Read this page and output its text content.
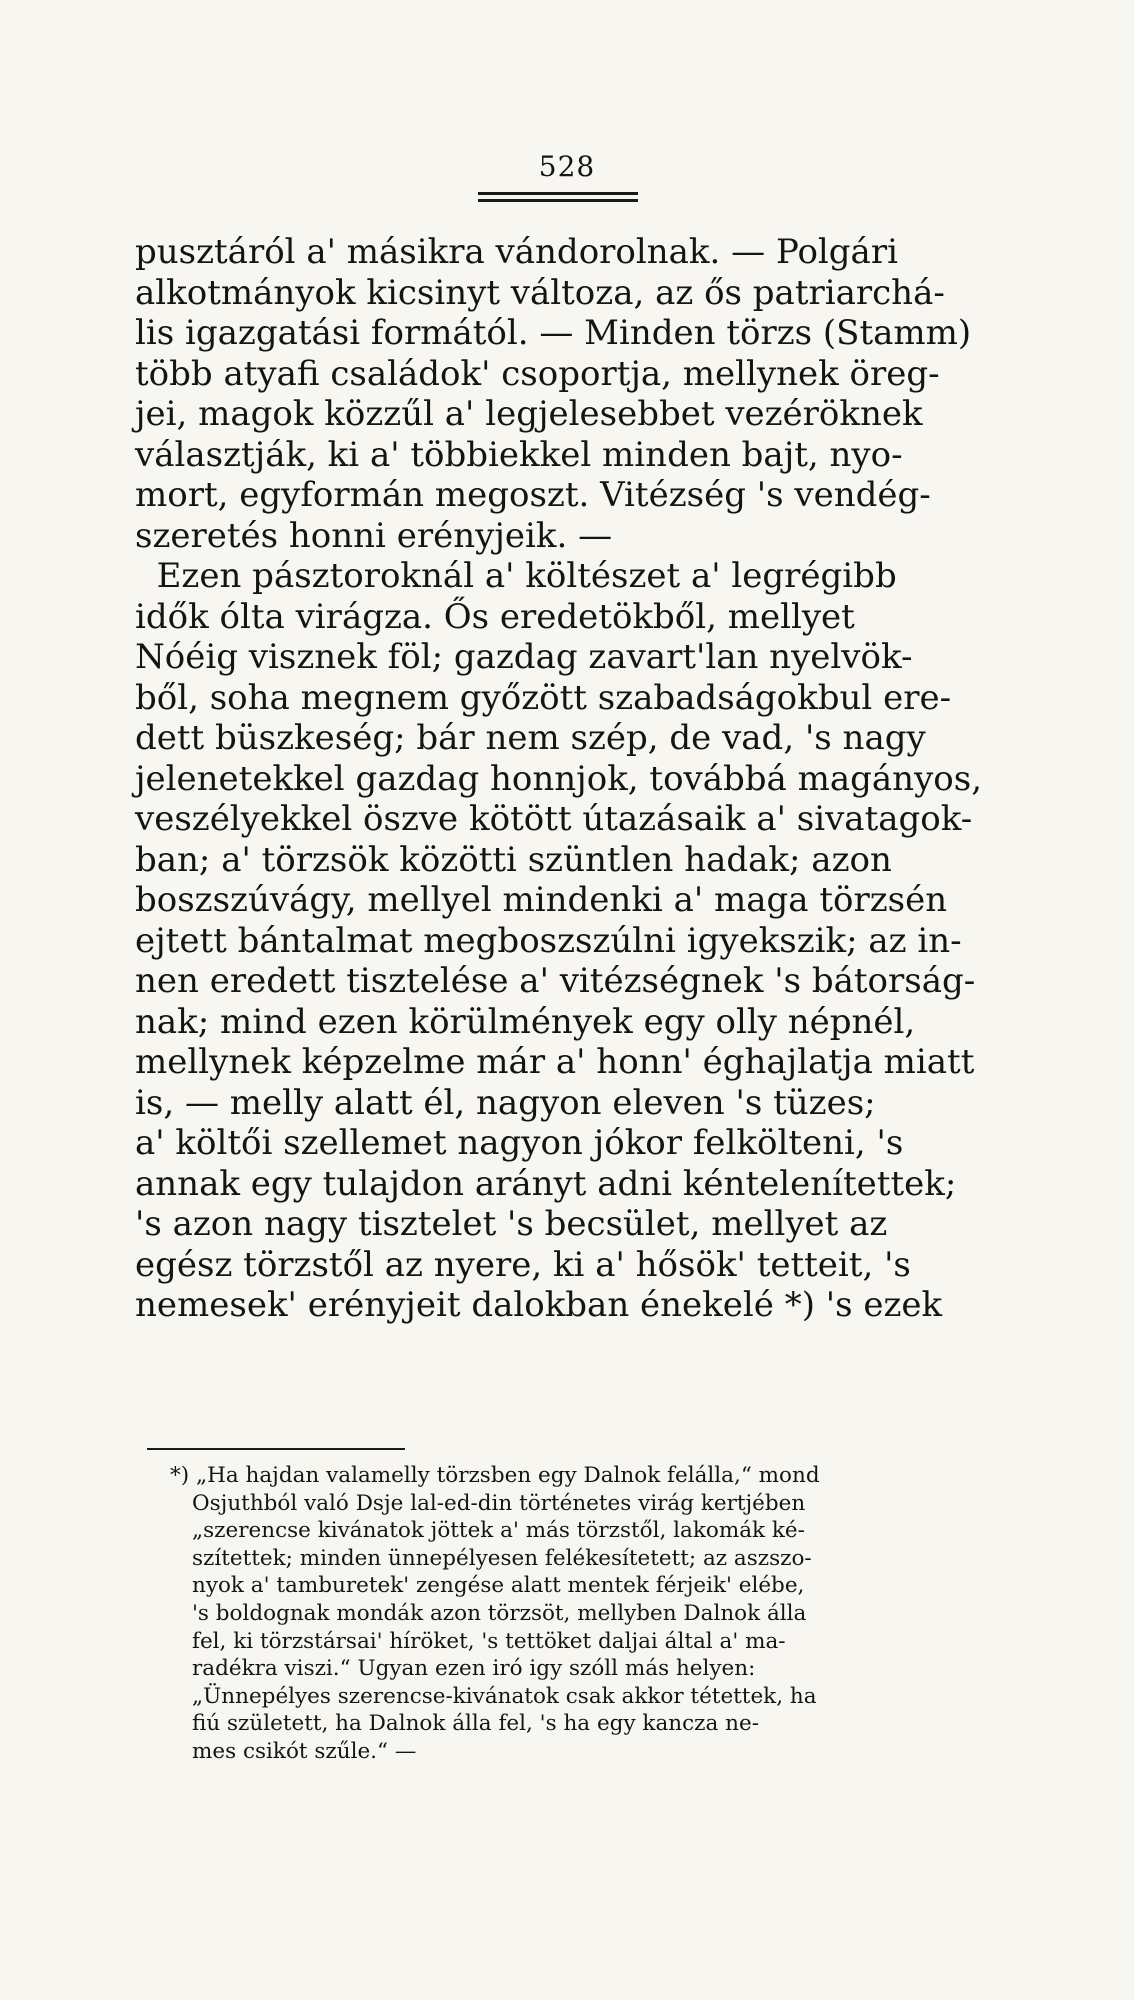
528
pusztáról a' másikra vándorolnak. — Polgári
alkotmányok kicsinyt változa, az ős patriarchá-
lis igazgatási formától. — Minden törzs (Stamm)
több atyafi családok' csoportja, mellynek öreg-
jei, magok közzűl a' legjelesebbet vezéröknek
választják, ki a' többiekkel minden bajt, nyo-
mort, egyformán megoszt. Vitézség 's vendég-
szeretés honni erényjeik. —
Ezen pásztoroknál a' költészet a' legrégibb
idők ólta virágza. Ős eredetökből, mellyet
Nóéig visznek föl; gazdag zavart'lan nyelvök-
ből, soha megnem győzött szabadságokbul ere-
dett büszkeség; bár nem szép, de vad, 's nagy
jelenetekkel gazdag honnjok, továbbá magányos,
veszélyekkel öszve kötött útazásaik a' sivatagok-
ban; a' törzsök közötti szüntlen hadak; azon
boszszúvágy, mellyel mindenki a' maga törzsén
ejtett bántalmat megboszszúlni igyekszik; az in-
nen eredett tisztelése a' vitézségnek 's bátorság-
nak; mind ezen körülmények egy olly népnél,
mellynek képzelme már a' honn' éghajlatja miatt
is, — melly alatt él, nagyon eleven 's tüzes;
a' költői szellemet nagyon jókor felkölteni, 's
annak egy tulajdon arányt adni kéntelenítettek;
's azon nagy tisztelet 's becsület, mellyet az
egész törzstől az nyere, ki a' hősök' tetteit, 's
nemesek' erényjeit dalokban énekelé *) 's ezek
*) „Ha hajdan valamelly törzsben egy Dalnok felálla,“ mond
Osjuthból való Dsje lal-ed-din történetes virág kertjében
„szerencse kivánatok jöttek a' más törzstől, lakomák ké-
szítettek; minden ünnepélyesen felékesítetett; az aszszo-
nyok a' tamburetek' zengése alatt mentek férjeik' elébe,
's boldognak mondák azon törzsöt, mellyben Dalnok álla
fel, ki törzstársai' híröket, 's tettöket daljai által a' ma-
radékra viszi.“ Ugyan ezen iró igy szóll más helyen:
„Ünnepélyes szerencse-kivánatok csak akkor tétettek, ha
fiú született, ha Dalnok álla fel, 's ha egy kancza ne-
mes csikót szűle.“ —
